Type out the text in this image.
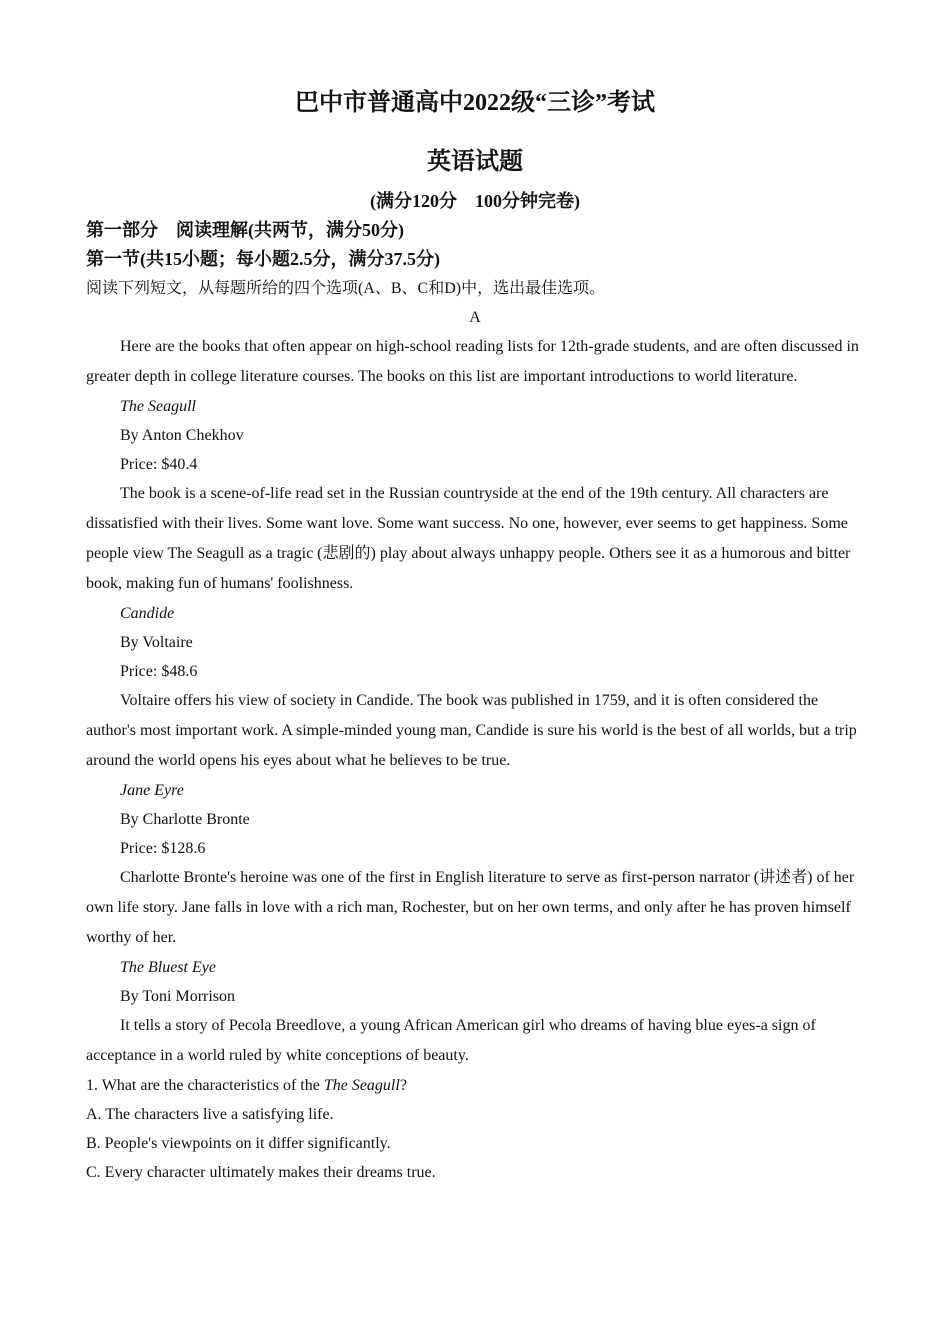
巴中市普通高中2022级“三诊”考试

英语试题

(满分120分　100分钟完卷)

第一部分　阅读理解(共两节，满分50分)

第一节(共15小题；每小题2.5分，满分37.5分)

阅读下列短文，从每题所给的四个选项(A、B、C和D)中，选出最佳选项。

A

Here are the books that often appear on high-school reading lists for 12th-grade students, and are often discussed in greater depth in college literature courses. The books on this list are important introductions to world literature.

The Seagull

By Anton Chekhov

Price: $40.4

The book is a scene-of-life read set in the Russian countryside at the end of the 19th century. All characters are dissatisfied with their lives. Some want love. Some want success. No one, however, ever seems to get happiness. Some people view The Seagull as a tragic (悲剧的) play about always unhappy people. Others see it as a humorous and bitter book, making fun of humans' foolishness.

Candide

By Voltaire

Price: $48.6

Voltaire offers his view of society in Candide. The book was published in 1759, and it is often considered the author's most important work. A simple-minded young man, Candide is sure his world is the best of all worlds, but a trip around the world opens his eyes about what he believes to be true.

Jane Eyre

By Charlotte Bronte

Price: $128.6

Charlotte Bronte's heroine was one of the first in English literature to serve as first-person narrator (讲述者) of her own life story. Jane falls in love with a rich man, Rochester, but on her own terms, and only after he has proven himself worthy of her.

The Bluest Eye

By Toni Morrison

It tells a story of Pecola Breedlove, a young African American girl who dreams of having blue eyes-a sign of acceptance in a world ruled by white conceptions of beauty.

1. What are the characteristics of the The Seagull?

A. The characters live a satisfying life.

B. People's viewpoints on it differ significantly.

C. Every character ultimately makes their dreams true.
